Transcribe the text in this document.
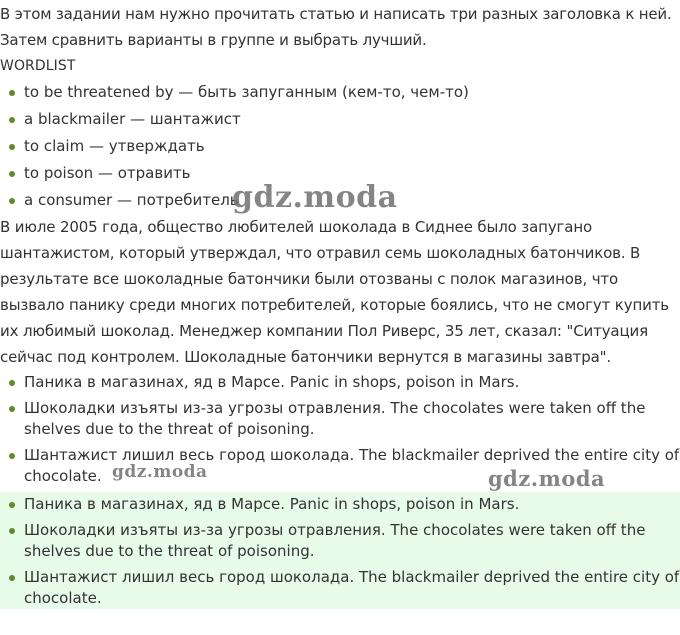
В этом задании нам нужно прочитать статью и написать три разных заголовка к ней.

Затем сравнить варианты в группе и выбрать лучший.

WORDLIST

to be threatened by — быть запуганным (кем-то, чем-то)
a blackmailer — шантажист
to claim — утверждать
to poison — отравить
a consumer — потребитель

В июле 2005 года, общество любителей шоколада в Сиднее было запугано шантажистом, который утверждал, что отравил семь шоколадных батончиков. В результате все шоколадные батончики были отозваны с полок магазинов, что вызвало панику среди многих потребителей, которые боялись, что не смогут купить их любимый шоколад. Менеджер компании Пол Риверс, 35 лет, сказал: "Ситуация сейчас под контролем. Шоколадные батончики вернутся в магазины завтра".

Паника в магазинах, яд в Марсе. Panic in shops, poison in Mars.
Шоколадки изъяты из-за угрозы отравления. The chocolates were taken off the shelves due to the threat of poisoning.
Шантажист лишил весь город шоколада. The blackmailer deprived the entire city of chocolate.
Паника в магазинах, яд в Марсе. Panic in shops, poison in Mars.
Шоколадки изъяты из-за угрозы отравления. The chocolates were taken off the shelves due to the threat of poisoning.
Шантажист лишил весь город шоколада. The blackmailer deprived the entire city of chocolate.
gdz.moda
gdz.moda	gdz.moda
